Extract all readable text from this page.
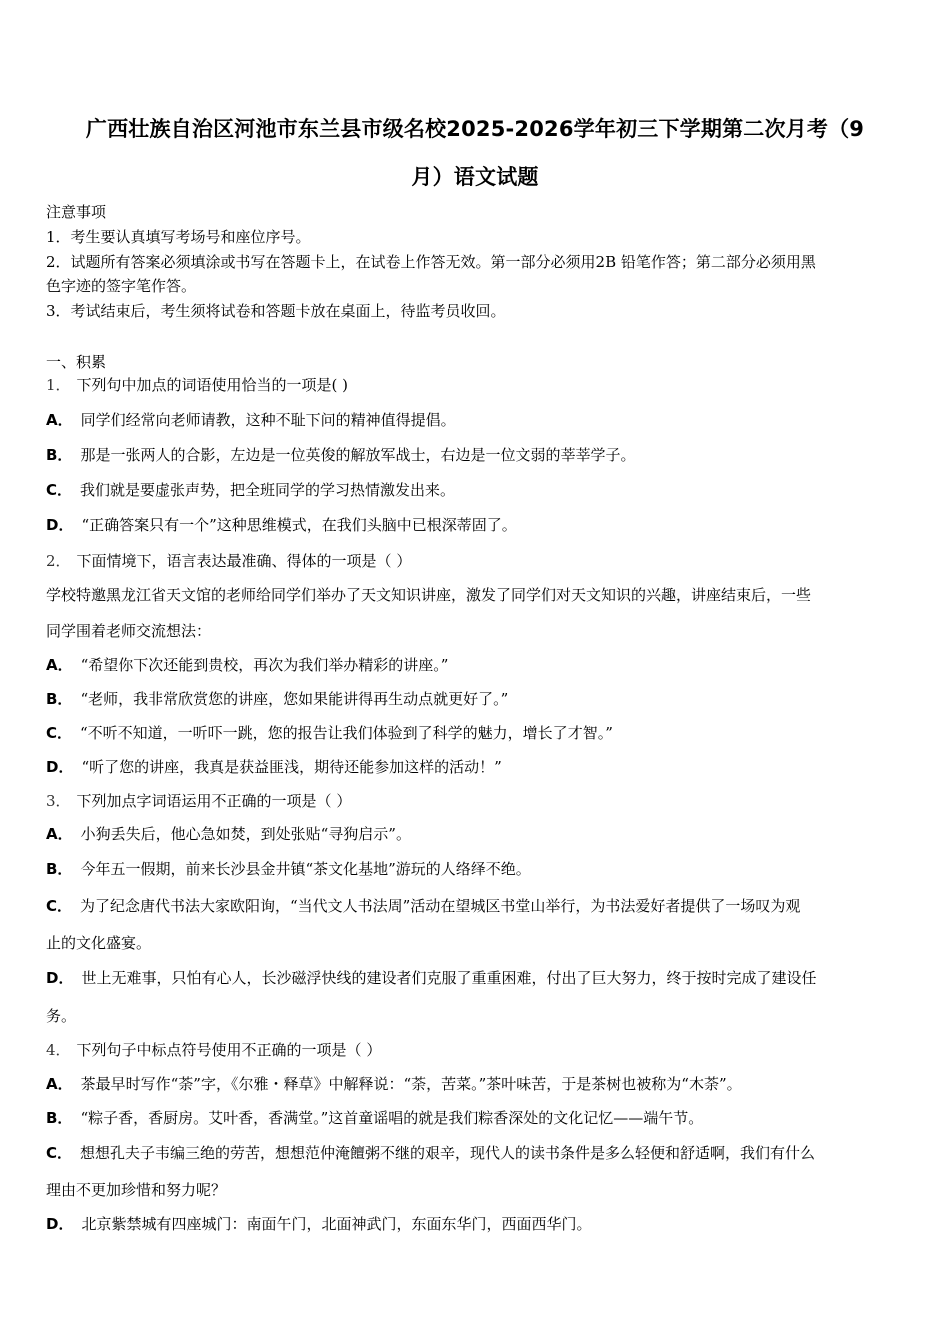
广西壮族自治区河池市东兰县市级名校2025-2026学年初三下学期第二次月考（9
月）语文试题
注意事项
1．考生要认真填写考场号和座位序号。
2．试题所有答案必须填涂或书写在答题卡上，在试卷上作答无效。第一部分必须用2B 铅笔作答；第二部分必须用黑
色字迹的签字笔作答。
3．考试结束后，考生须将试卷和答题卡放在桌面上，待监考员收回。
一、积累
1． 下列句中加点的词语使用恰当的一项是( )
A． 同学们经常向老师请教，这种不耻下问的精神值得提倡。
B． 那是一张两人的合影，左边是一位英俊的解放军战士，右边是一位文弱的莘莘学子。
C． 我们就是要虚张声势，把全班同学的学习热情激发出来。
D． “正确答案只有一个”这种思维模式，在我们头脑中已根深蒂固了。
2． 下面情境下，语言表达最准确、得体的一项是（ ）
学校特邀黑龙江省天文馆的老师给同学们举办了天文知识讲座，激发了同学们对天文知识的兴趣，讲座结束后，一些
同学围着老师交流想法：
A． “希望你下次还能到贵校，再次为我们举办精彩的讲座。”
B． “老师，我非常欣赏您的讲座，您如果能讲得再生动点就更好了。”
C． “不听不知道，一听吓一跳，您的报告让我们体验到了科学的魅力，增长了才智。”
D． “听了您的讲座，我真是获益匪浅，期待还能参加这样的活动！”
3． 下列加点字词语运用不正确的一项是（ ）
A． 小狗丢失后，他心急如焚，到处张贴“寻狗启示”。
B． 今年五一假期，前来长沙县金井镇“茶文化基地”游玩的人络绎不绝。
C． 为了纪念唐代书法大家欧阳询，“当代文人书法周”活动在望城区书堂山举行，为书法爱好者提供了一场叹为观
止的文化盛宴。
D． 世上无难事，只怕有心人，长沙磁浮快线的建设者们克服了重重困难，付出了巨大努力，终于按时完成了建设任
务。
4． 下列句子中标点符号使用不正确的一项是（ ）
A． 茶最早时写作“荼”字，《尔雅・释草》中解释说：“荼，苦菜。”茶叶味苦，于是茶树也被称为“木荼”。
B． “粽子香，香厨房。艾叶香，香满堂。”这首童谣唱的就是我们粽香深处的文化记忆——端午节。
C． 想想孔夫子韦编三绝的劳苦，想想范仲淹饘粥不继的艰辛，现代人的读书条件是多么轻便和舒适啊，我们有什么
理由不更加珍惜和努力呢？
D． 北京紫禁城有四座城门：南面午门，北面神武门，东面东华门，西面西华门。
